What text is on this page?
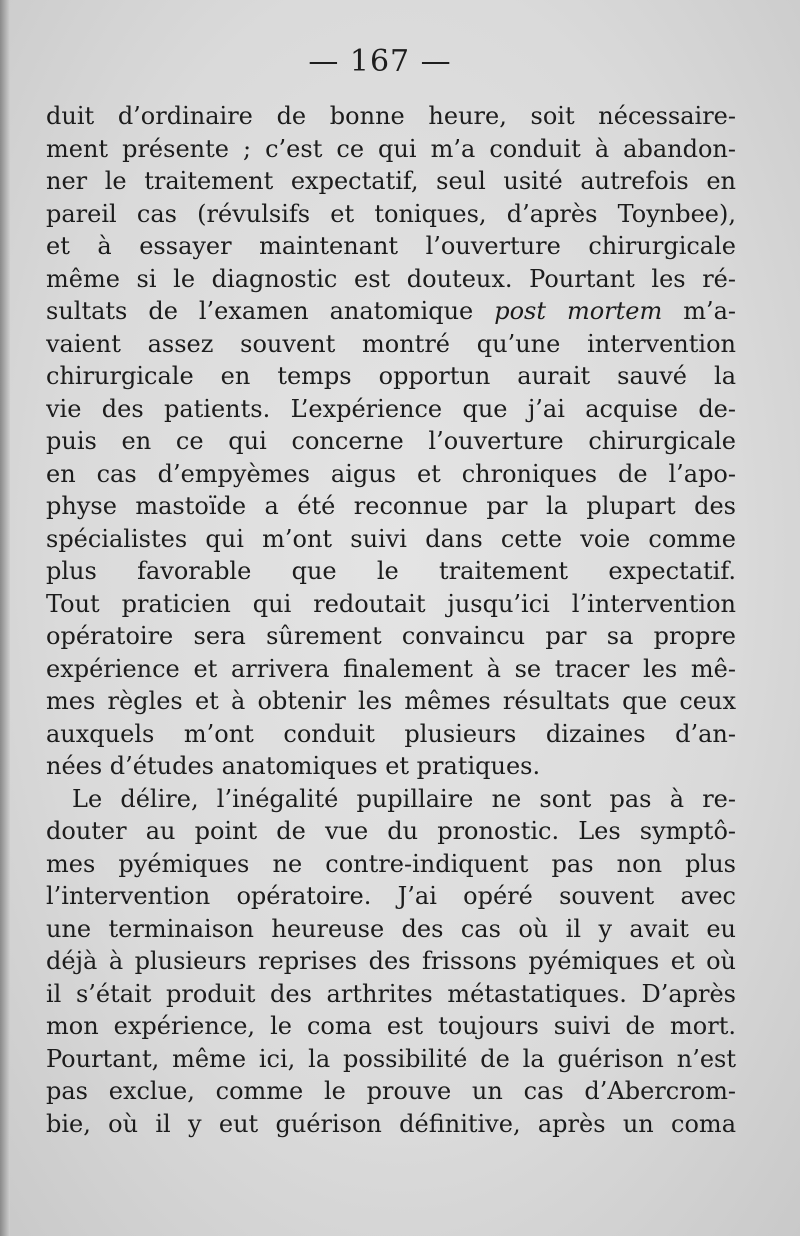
— 167 —
duit d’ordinaire de bonne heure, soit nécessaire-
ment présente ; c’est ce qui m’a conduit à abandon-
ner le traitement expectatif, seul usité autrefois en
pareil cas (révulsifs et toniques, d’après Toynbee),
et à essayer maintenant l’ouverture chirurgicale
même si le diagnostic est douteux. Pourtant les ré-
sultats de l’examen anatomique post mortem m’a-
vaient assez souvent montré qu’une intervention
chirurgicale en temps opportun aurait sauvé la
vie des patients. L’expérience que j’ai acquise de-
puis en ce qui concerne l’ouverture chirurgicale
en cas d’empyèmes aigus et chroniques de l’apo-
physe mastoïde a été reconnue par la plupart des
spécialistes qui m’ont suivi dans cette voie comme
plus favorable que le traitement expectatif.
Tout praticien qui redoutait jusqu’ici l’intervention
opératoire sera sûrement convaincu par sa propre
expérience et arrivera finalement à se tracer les mê-
mes règles et à obtenir les mêmes résultats que ceux
auxquels m’ont conduit plusieurs dizaines d’an-
nées d’études anatomiques et pratiques.
Le délire, l’inégalité pupillaire ne sont pas à re-
douter au point de vue du pronostic. Les symptô-
mes pyémiques ne contre-indiquent pas non plus
l’intervention opératoire. J’ai opéré souvent avec
une terminaison heureuse des cas où il y avait eu
déjà à plusieurs reprises des frissons pyémiques et où
il s’était produit des arthrites métastatiques. D’après
mon expérience, le coma est toujours suivi de mort.
Pourtant, même ici, la possibilité de la guérison n’est
pas exclue, comme le prouve un cas d’Abercrom-
bie, où il y eut guérison définitive, après un coma
